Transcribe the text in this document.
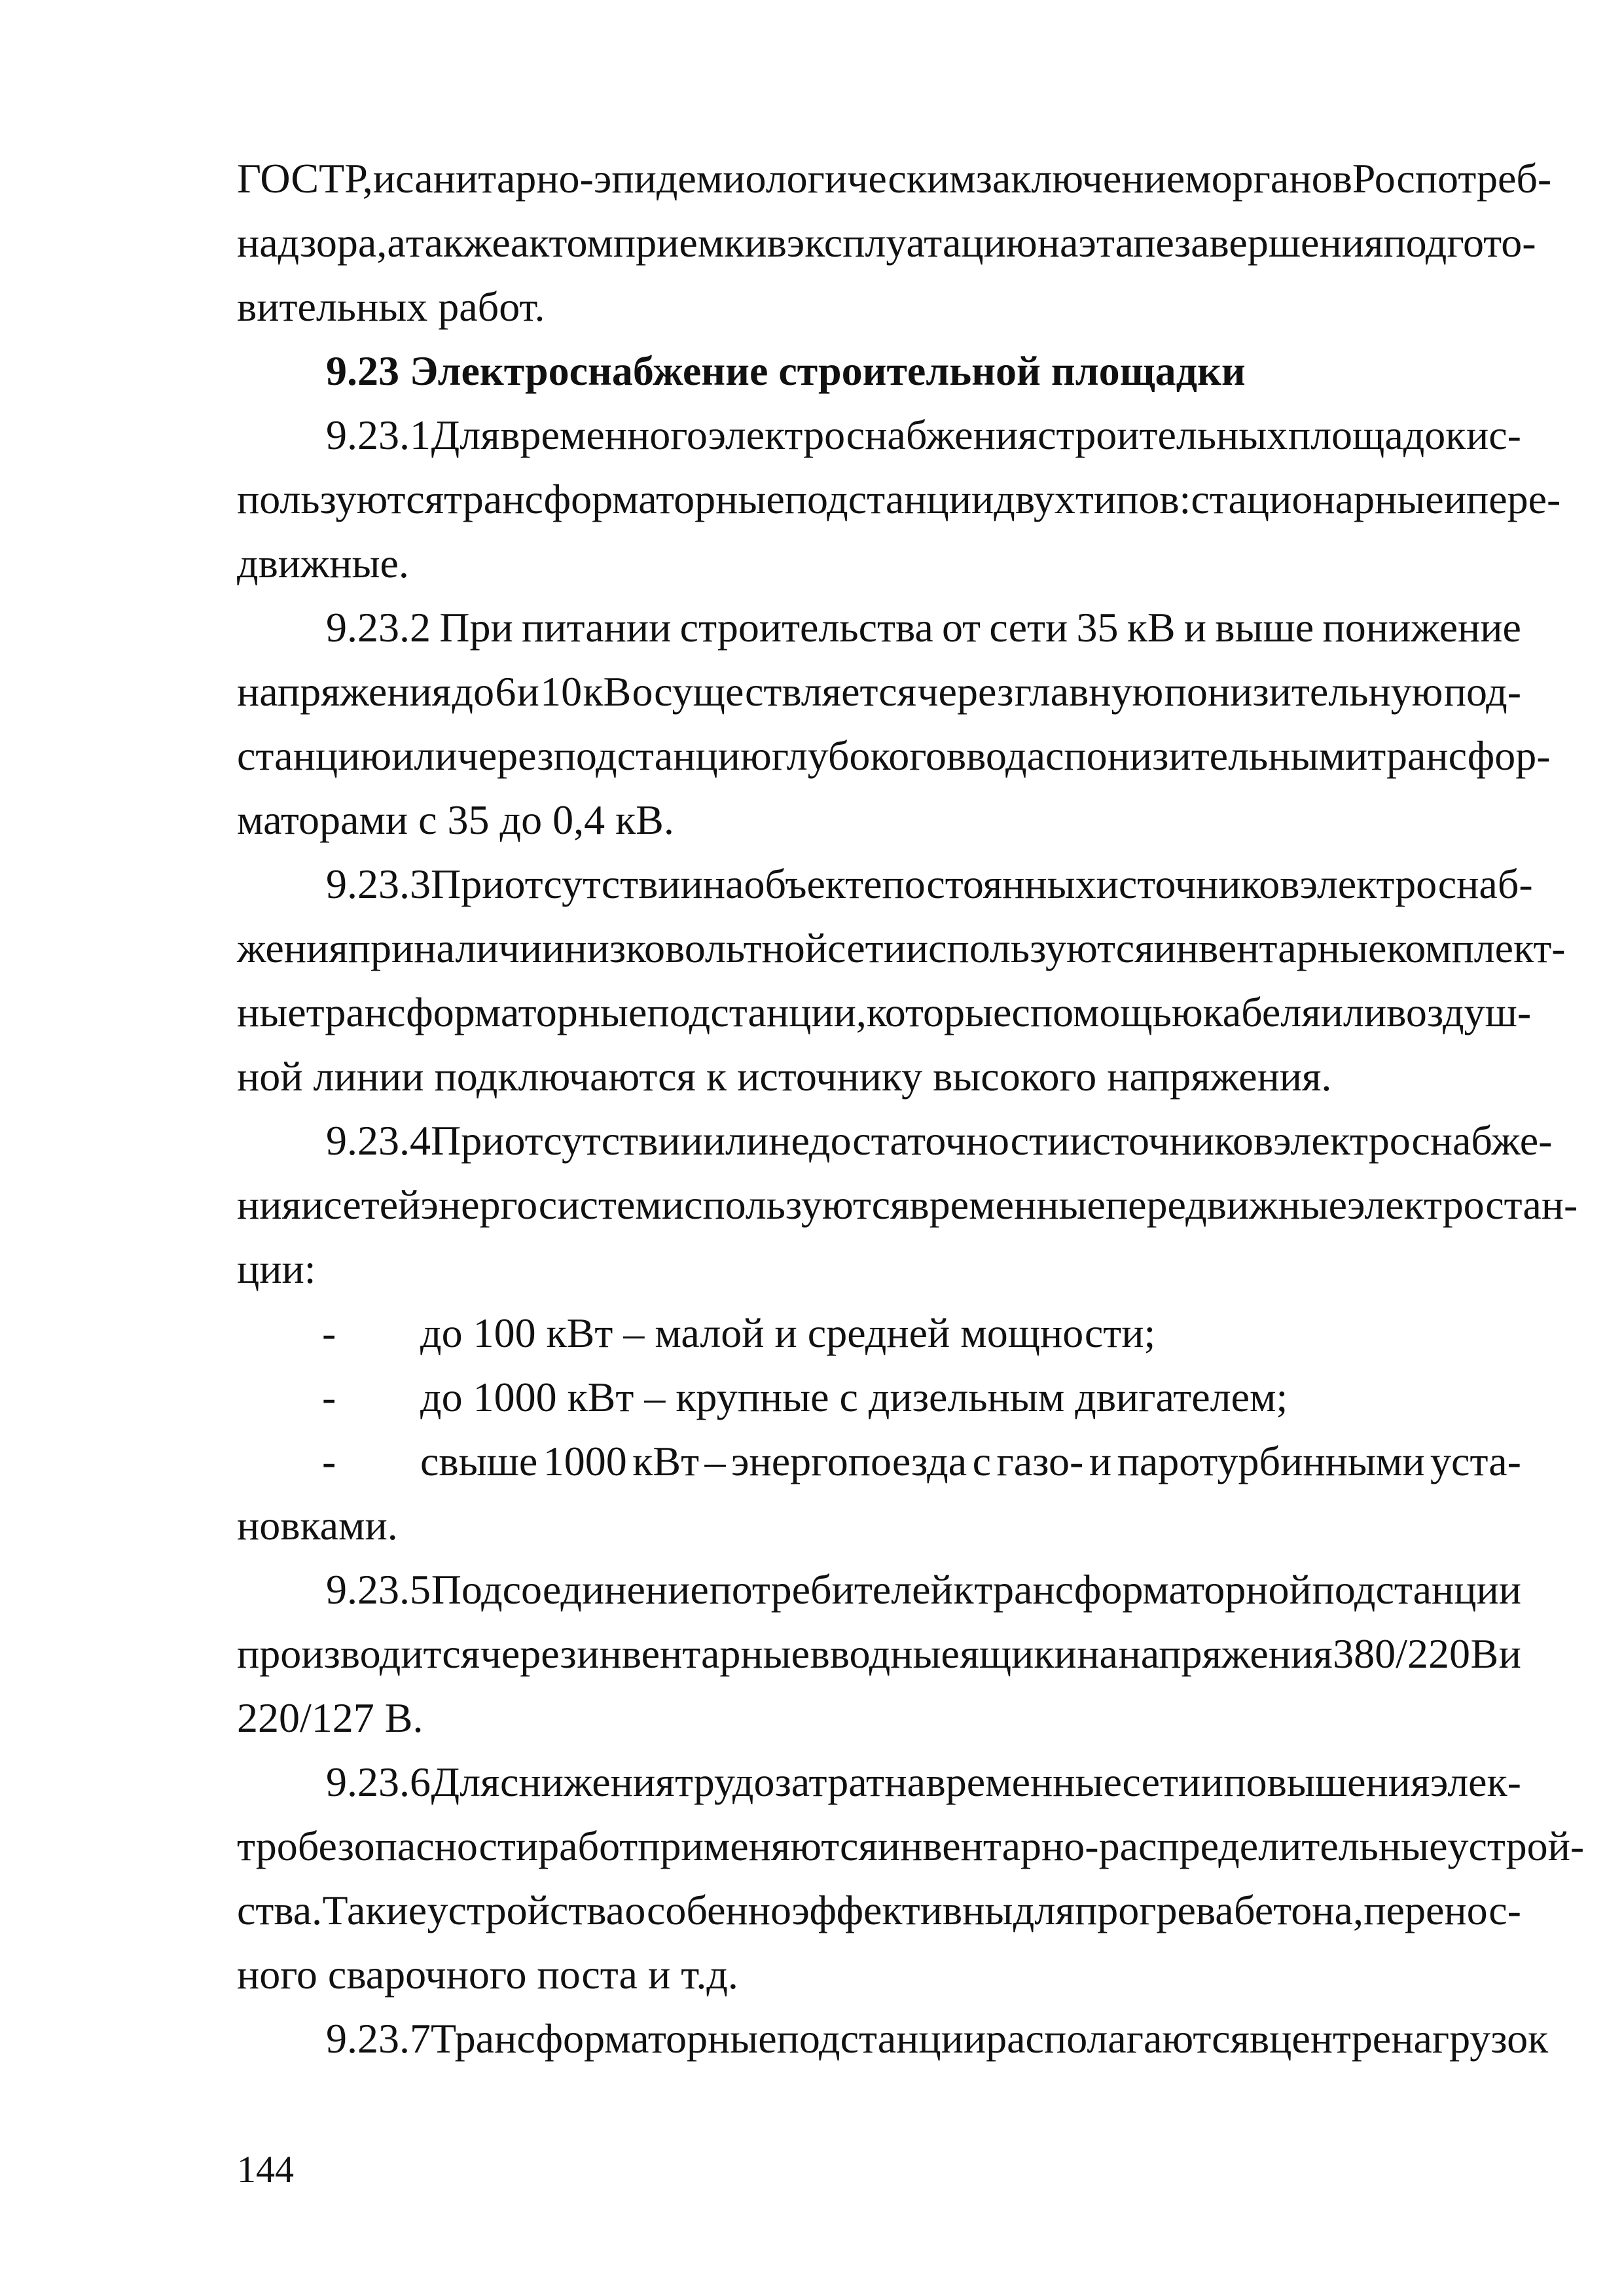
ГОСТ Р, и санитарно-эпидемиологическим заключением органов Роспотреб-
надзора, а также актом приемки в эксплуатацию на этапе завершения подгото-
вительных работ.
9.23 Электроснабжение строительной площадки
9.23.1 Для временного электроснабжения строительных площадок ис-
пользуются трансформаторные подстанции двух типов: стационарные и пере-
движные.
9.23.2 При питании строительства от сети 35 кВ и выше понижение
напряжения до 6 и 10 кВ осуществляется через главную понизительную под-
станцию или через подстанцию глубокого ввода с понизительными трансфор-
маторами с 35 до 0,4 кВ.
9.23.3 При отсутствии на объекте постоянных источников электроснаб-
жения при наличии низковольтной сети используются инвентарные комплект-
ные трансформаторные подстанции, которые с помощью кабеля или воздуш-
ной линии подключаются к источнику высокого напряжения.
9.23.4 При отсутствии или недостаточности источников электроснабже-
ния и сетей энергосистем используются временные передвижные электростан-
ции:
-	до 100 кВт – малой и средней мощности;
-	до 1000 кВт – крупные с дизельным двигателем;
-	свыше 1000 кВт – энергопоезда с газо- и паротурбинными уста-
новками.
9.23.5 Подсоединение потребителей к трансформаторной подстанции
производится через инвентарные вводные ящики на напряжения 380/220 В и
220/127 В.
9.23.6 Для снижения трудозатрат на временные сети и повышения элек-
тробезопасности работ применяются инвентарно-распределительные устрой-
ства. Такие устройства особенно эффективны для прогрева бетона, перенос-
ного сварочного поста и т.д.
9.23.7 Трансформаторные подстанции располагаются в центре нагрузок
144
